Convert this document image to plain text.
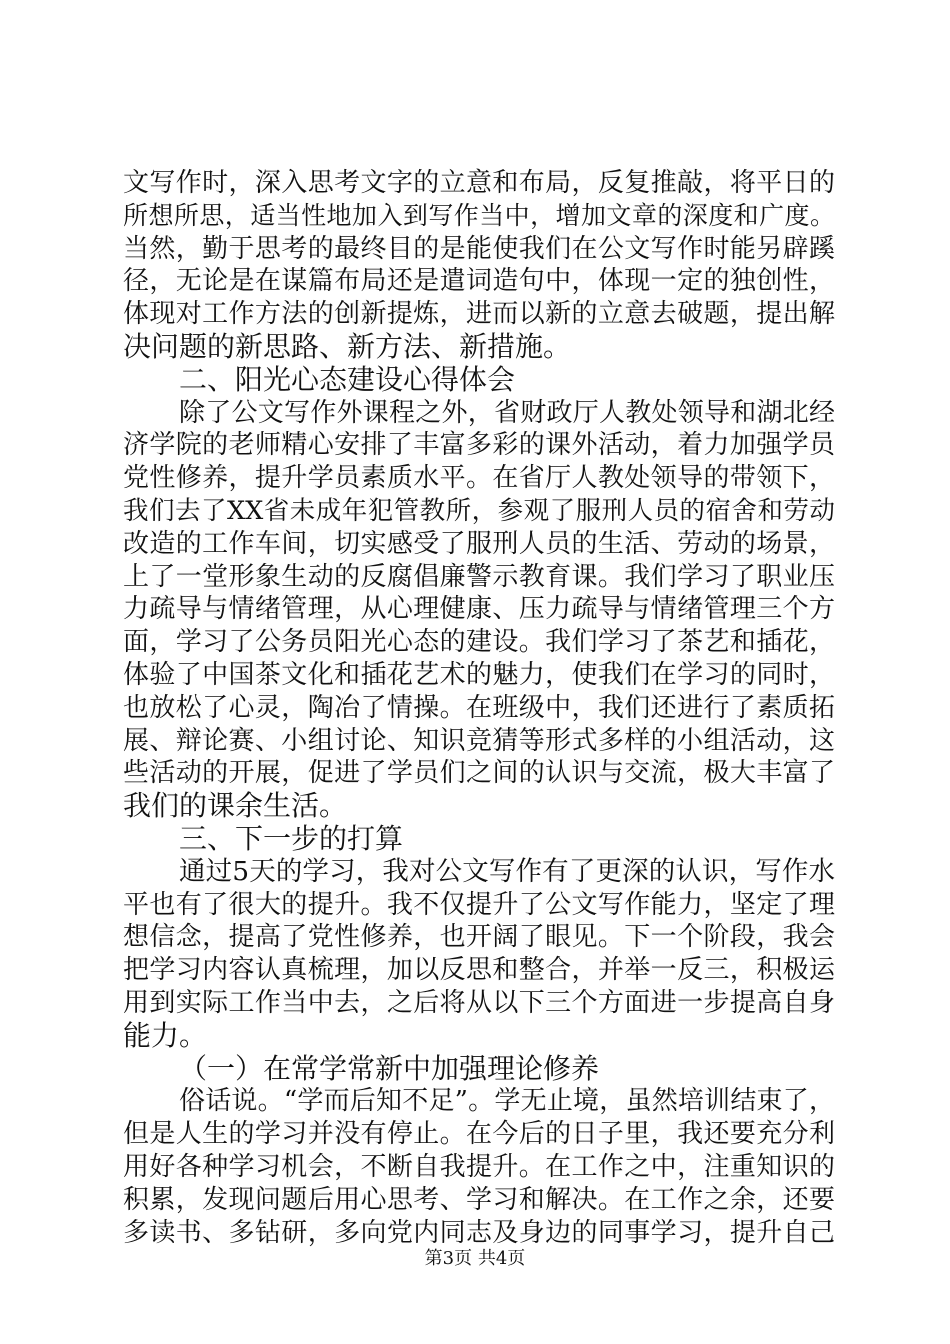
文写作时，深入思考文字的立意和布局，反复推敲，将平日的
所想所思，适当性地加入到写作当中，增加文章的深度和广度。
当然，勤于思考的最终目的是能使我们在公文写作时能另辟蹊
径，无论是在谋篇布局还是遣词造句中，体现一定的独创性，
体现对工作方法的创新提炼，进而以新的立意去破题，提出解
决问题的新思路、新方法、新措施。
二、阳光心态建设心得体会
除了公文写作外课程之外，省财政厅人教处领导和湖北经
济学院的老师精心安排了丰富多彩的课外活动，着力加强学员
党性修养，提升学员素质水平。在省厅人教处领导的带领下，
我们去了XX省未成年犯管教所，参观了服刑人员的宿舍和劳动
改造的工作车间，切实感受了服刑人员的生活、劳动的场景，
上了一堂形象生动的反腐倡廉警示教育课。我们学习了职业压
力疏导与情绪管理，从心理健康、压力疏导与情绪管理三个方
面，学习了公务员阳光心态的建设。我们学习了茶艺和插花，
体验了中国茶文化和插花艺术的魅力，使我们在学习的同时，
也放松了心灵，陶冶了情操。在班级中，我们还进行了素质拓
展、辩论赛、小组讨论、知识竞猜等形式多样的小组活动，这
些活动的开展，促进了学员们之间的认识与交流，极大丰富了
我们的课余生活。
三、下一步的打算
通过5天的学习，我对公文写作有了更深的认识，写作水
平也有了很大的提升。我不仅提升了公文写作能力，坚定了理
想信念，提高了党性修养，也开阔了眼见。下一个阶段，我会
把学习内容认真梳理，加以反思和整合，并举一反三，积极运
用到实际工作当中去，之后将从以下三个方面进一步提高自身
能力。
（一）在常学常新中加强理论修养
俗话说。“学而后知不足”。学无止境，虽然培训结束了，
但是人生的学习并没有停止。在今后的日子里，我还要充分利
用好各种学习机会，不断自我提升。在工作之中，注重知识的
积累，发现问题后用心思考、学习和解决。在工作之余，还要
多读书、多钻研，多向党内同志及身边的同事学习，提升自己
第3页 共4页
